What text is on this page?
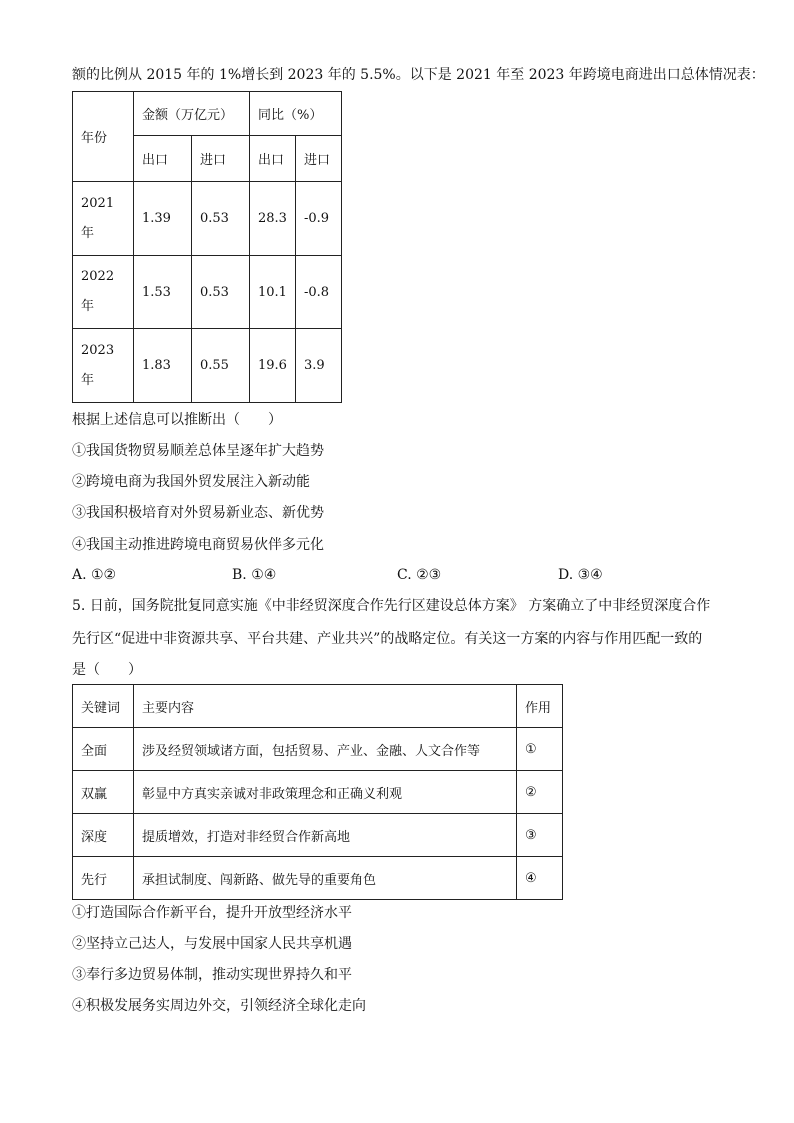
额的比例从 2015 年的 1%增长到 2023 年的 5.5%。以下是 2021 年至 2023 年跨境电商进出口总体情况表：
年份	金额（万亿元）		同比（%）	
	出口	进口	出口	进口
2021
年	1.39	0.53	28.3	-0.9
2022
年	1.53	0.53	10.1	-0.8
2023
年	1.83	0.55	19.6	3.9
根据上述信息可以推断出（　　）
①我国货物贸易顺差总体呈逐年扩大趋势
②跨境电商为我国外贸发展注入新动能
③我国积极培育对外贸易新业态、新优势
④我国主动推进跨境电商贸易伙伴多元化
A. ①②	B. ①④	C. ②③	D. ③④
5. 日前，国务院批复同意实施《中非经贸深度合作先行区建设总体方案》 方案确立了中非经贸深度合作
先行区“促进中非资源共享、平台共建、产业共兴”的战略定位。有关这一方案的内容与作用匹配一致的
是（　　）
关键词	主要内容	作用
全面	涉及经贸领域诸方面，包括贸易、产业、金融、人文合作等	①
双赢	彰显中方真实亲诚对非政策理念和正确义利观	②
深度	提质增效，打造对非经贸合作新高地	③
先行	承担试制度、闯新路、做先导的重要角色	④
①打造国际合作新平台，提升开放型经济水平
②坚持立己达人，与发展中国家人民共享机遇
③奉行多边贸易体制，推动实现世界持久和平
④积极发展务实周边外交，引领经济全球化走向
